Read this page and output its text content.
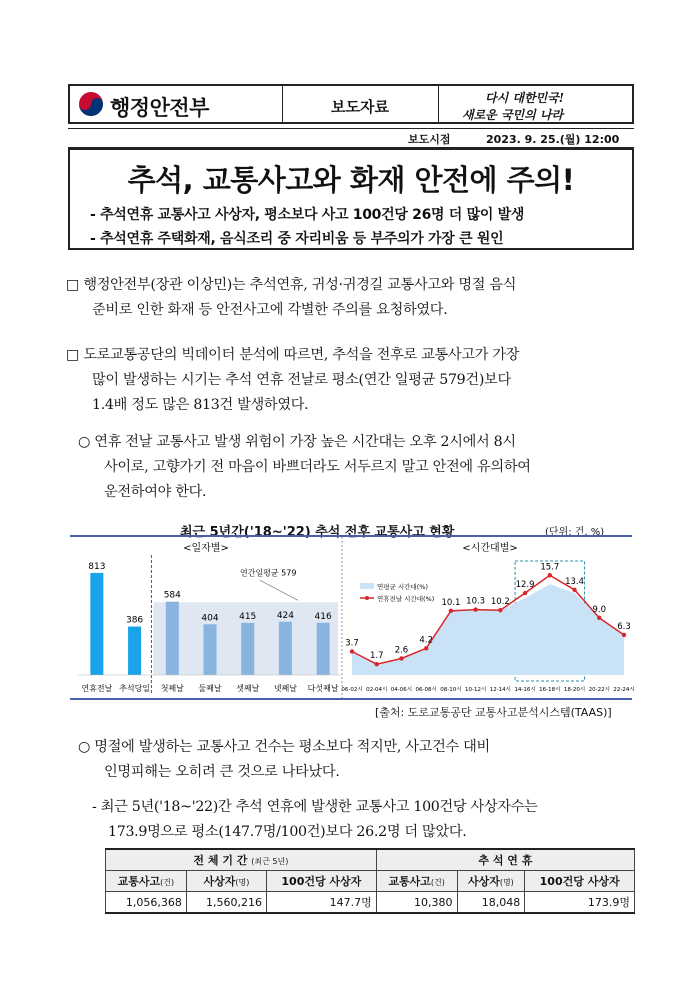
행정안전부	보도자료	다시 대한민국!
새로운 국민의 나라
보도시점	2023. 9. 25.(월) 12:00
추석, 교통사고와 화재 안전에 주의!
- 추석연휴 교통사고 사상자, 평소보다 사고 100건당 26명 더 많이 발생
- 추석연휴 주택화재, 음식조리 중 자리비움 등 부주의가 가장 큰 원인
□ 행정안전부(장관 이상민)는 추석연휴, 귀성·귀경길 교통사고와 명절 음식
준비로 인한 화재 등 안전사고에 각별한 주의를 요청하였다.
□ 도로교통공단의 빅데이터 분석에 따르면, 추석을 전후로 교통사고가 가장
많이 발생하는 시기는 추석 연휴 전날로 평소(연간 일평균 579건)보다
1.4배 정도 많은 813건 발생하였다.
○ 연휴 전날 교통사고 발생 위험이 가장 높은 시간대는 오후 2시에서 8시
사이로, 고향가기 전 마음이 바쁘더라도 서두르지 말고 안전에 유의하여
운전하여야 한다.
최근 5년간('18~'22) 추석 전후 교통사고 현황	(단위: 건, %)
<일자별>
연간일평균 579
813
연휴전날
386
추석당일
584
첫째날
404
둘째날
415
셋째날
424
넷째날
416
다섯째날
<시간대별>
3.7
06-02시
1.7
02-04시
2.6
04-06시
4.2
06-08시
10.1
08-10시
10.3
10-12시
10.2
12-14시
12.9
14-16시
15.7
16-18시
13.4
18-20시
9.0
20-22시
6.3
22-24시
연평균 시간대(%)
연휴전날 시간대(%)
[출처: 도로교통공단 교통사고분석시스템(TAAS)]
○ 명절에 발생하는 교통사고 건수는 평소보다 적지만, 사고건수 대비
인명피해는 오히려 큰 것으로 나타났다.
- 최근 5년('18~'22)간 추석 연휴에 발생한 교통사고 100건당 사상자수는
173.9명으로 평소(147.7명/100건)보다 26.2명 더 많았다.
전 체 기 간 (최근 5년)			추 석 연 휴		
교통사고(건)	사상자(명)	100건당 사상자	교통사고(건)	사상자(명)	100건당 사상자
1,056,368	1,560,216	147.7명	10,380	18,048	173.9명
